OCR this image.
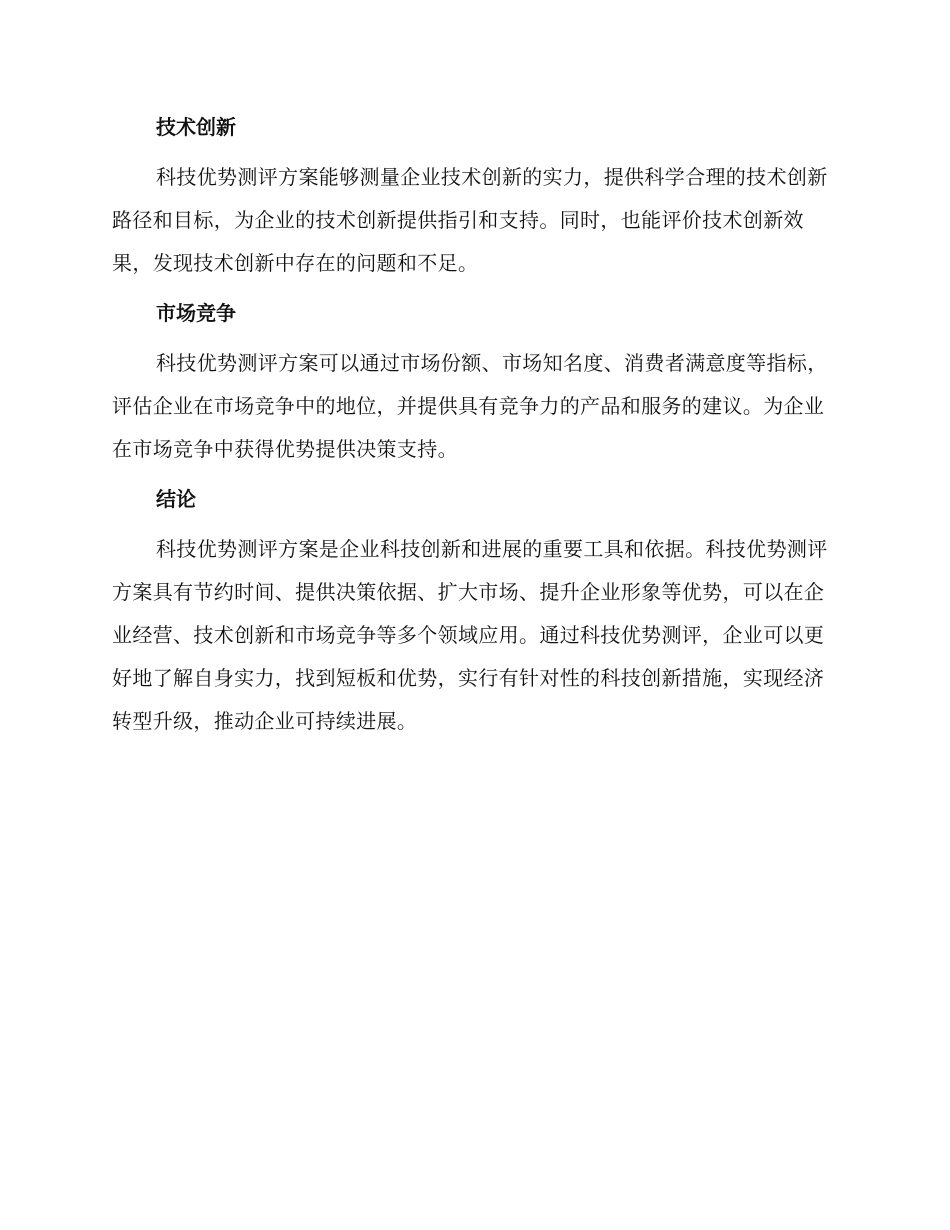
技术创新

科技优势测评方案能够测量企业技术创新的实力，提供科学合理的技术创新路径和目标，为企业的技术创新提供指引和支持。同时，也能评价技术创新效果，发现技术创新中存在的问题和不足。

市场竞争

科技优势测评方案可以通过市场份额、市场知名度、消费者满意度等指标，评估企业在市场竞争中的地位，并提供具有竞争力的产品和服务的建议。为企业在市场竞争中获得优势提供决策支持。

结论

科技优势测评方案是企业科技创新和进展的重要工具和依据。科技优势测评方案具有节约时间、提供决策依据、扩大市场、提升企业形象等优势，可以在企业经营、技术创新和市场竞争等多个领域应用。通过科技优势测评，企业可以更好地了解自身实力，找到短板和优势，实行有针对性的科技创新措施，实现经济转型升级，推动企业可持续进展。
